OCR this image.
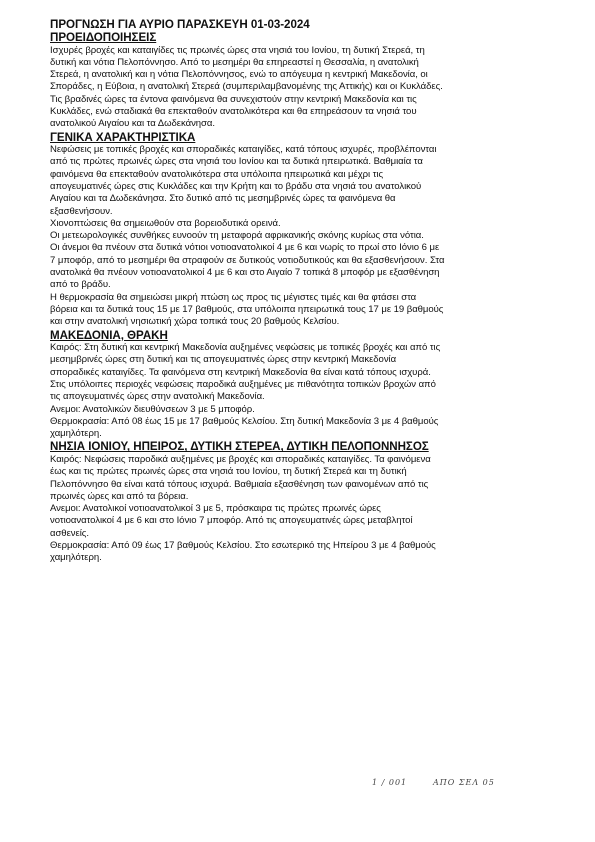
ΠΡΟΓΝΩΣΗ ΓΙΑ ΑΥΡΙΟ ΠΑΡΑΣΚΕΥΗ 01-03-2024
ΠΡΟΕΙΔΟΠΟΙΗΣΕΙΣ
Ισχυρές βροχές και καταιγίδες τις πρωινές ώρες στα νησιά του Ιονίου, τη δυτική Στερεά, τη δυτική και νότια Πελοπόννησο. Από το μεσημέρι θα επηρεαστεί η Θεσσαλία, η ανατολική Στερεά, η ανατολική και η νότια Πελοπόννησος, ενώ το απόγευμα η κεντρική Μακεδονία, οι Σποράδες, η Εύβοια, η ανατολική Στερεά (συμπεριλαμβανομένης της Αττικής) και οι Κυκλάδες. Τις βραδινές ώρες τα έντονα φαινόμενα θα συνεχιστούν στην κεντρική Μακεδονία και τις Κυκλάδες, ενώ σταδιακά θα επεκταθούν ανατολικότερα και θα επηρεάσουν τα νησιά του ανατολικού Αιγαίου και τα Δωδεκάνησα.
ΓΕΝΙΚΑ ΧΑΡΑΚΤΗΡΙΣΤΙΚΑ
Νεφώσεις με τοπικές βροχές και σποραδικές καταιγίδες, κατά τόπους ισχυρές, προβλέπονται από τις πρώτες πρωινές ώρες στα νησιά του Ιονίου και τα δυτικά ηπειρωτικά. Βαθμιαία τα φαινόμενα θα επεκταθούν ανατολικότερα στα υπόλοιπα ηπειρωτικά και μέχρι τις απογευματινές ώρες στις Κυκλάδες και την Κρήτη και το βράδυ στα νησιά του ανατολικού Αιγαίου και τα Δωδεκάνησα. Στο δυτικό από τις μεσημβρινές ώρες τα φαινόμενα θα εξασθενήσουν.
Χιονοπτώσεις θα σημειωθούν στα βορειοδυτικά ορεινά.
Οι μετεωρολογικές συνθήκες ευνοούν τη μεταφορά αφρικανικής σκόνης κυρίως στα νότια.
Οι άνεμοι θα πνέουν στα δυτικά νότιοι νοτιοανατολικοί 4 με 6 και νωρίς το πρωί στο Ιόνιο 6 με 7 μποφόρ, από το μεσημέρι θα στραφούν σε δυτικούς νοτιοδυτικούς και θα εξασθενήσουν. Στα ανατολικά θα πνέουν νοτιοανατολικοί 4 με 6 και στο Αιγαίο 7 τοπικά 8 μποφόρ με εξασθένηση από το βράδυ.
Η θερμοκρασία θα σημειώσει μικρή πτώση ως προς τις μέγιστες τιμές και θα φτάσει στα βόρεια και τα δυτικά τους 15 με 17 βαθμούς, στα υπόλοιπα ηπειρωτικά τους 17 με 19 βαθμούς και στην ανατολική νησιωτική χώρα τοπικά τους 20 βαθμούς Κελσίου.
ΜΑΚΕΔΟΝΙΑ, ΘΡΑΚΗ
Καιρός: Στη δυτική και κεντρική Μακεδονία αυξημένες νεφώσεις με τοπικές βροχές και από τις μεσημβρινές ώρες στη δυτική και τις απογευματινές ώρες στην κεντρική Μακεδονία σποραδικές καταιγίδες. Τα φαινόμενα στη κεντρική Μακεδονία θα είναι κατά τόπους ισχυρά.
Στις υπόλοιπες περιοχές νεφώσεις παροδικά αυξημένες με πιθανότητα τοπικών βροχών από τις απογευματινές ώρες στην ανατολική Μακεδονία.
Ανεμοι: Ανατολικών διευθύνσεων 3 με 5 μποφόρ.
Θερμοκρασία: Από 08 έως 15 με 17 βαθμούς Κελσίου. Στη δυτική Μακεδονία 3 με 4 βαθμούς χαμηλότερη.
ΝΗΣΙΑ ΙΟΝΙΟΥ, ΗΠΕΙΡΟΣ, ΔΥΤΙΚΗ ΣΤΕΡΕΑ, ΔΥΤΙΚΗ ΠΕΛΟΠΟΝΝΗΣΟΣ
Καιρός: Νεφώσεις παροδικά αυξημένες με βροχές και σποραδικές καταιγίδες. Τα φαινόμενα έως και τις πρώτες πρωινές ώρες στα νησιά του Ιονίου, τη δυτική Στερεά και τη δυτική Πελοπόννησο θα είναι κατά τόπους ισχυρά. Βαθμιαία εξασθένηση των φαινομένων από τις πρωινές ώρες και από τα βόρεια.
Ανεμοι: Ανατολικοί νοτιοανατολικοί 3 με 5, πρόσκαιρα τις πρώτες πρωινές ώρες νοτιοανατολικοί 4 με 6 και στο Ιόνιο 7 μποφόρ. Από τις απογευματινές ώρες μεταβλητοί ασθενείς.
Θερμοκρασία: Από 09 έως 17 βαθμούς Κελσίου. Στο εσωτερικό της Ηπείρου 3 με 4 βαθμούς χαμηλότερη.
1 / 001	ΑΠΟ ΣΕΛ 05
